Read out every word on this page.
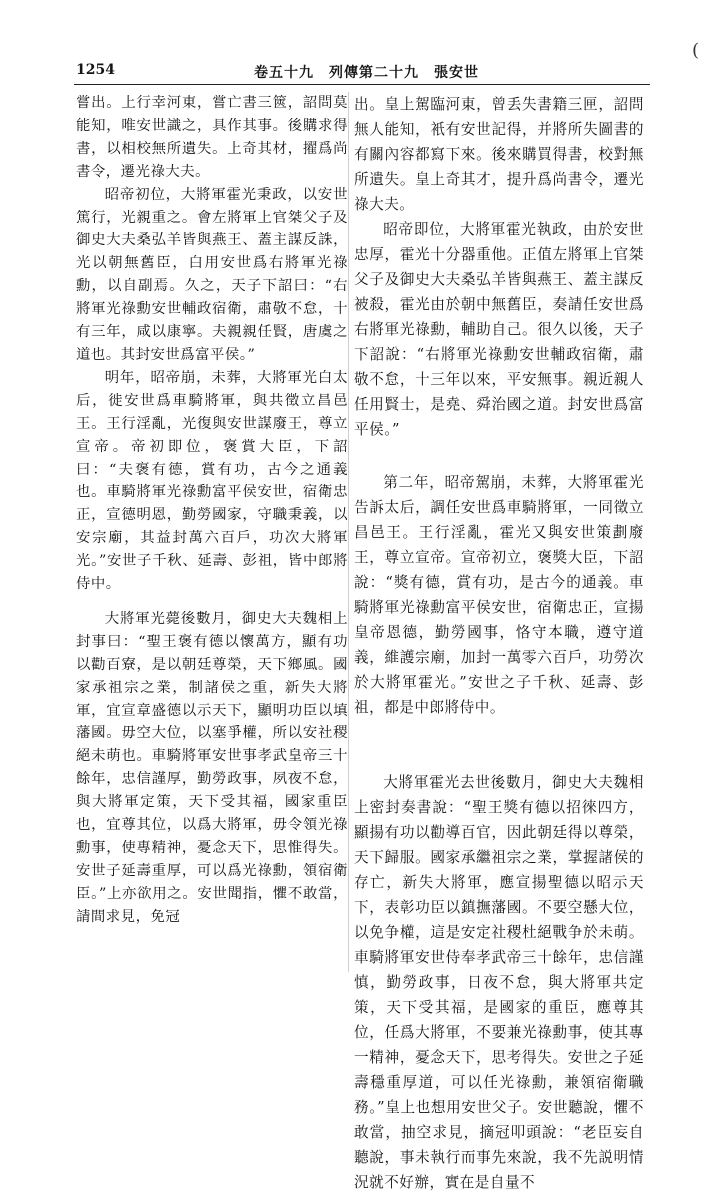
1254	卷五十九　列傳第二十九　張安世
(

嘗出。上行幸河東，嘗亡書三篋，詔問莫能知，唯安世識之，具作其事。後購求得書，以相校無所遺失。上奇其材，擢爲尚書令，遷光祿大夫。

昭帝初位，大將軍霍光秉政，以安世篤行，光親重之。會左將軍上官桀父子及御史大夫桑弘羊皆與燕王、蓋主謀反誅，光以朝無舊臣，白用安世爲右將軍光祿勳，以自副焉。久之，天子下詔曰：“右將軍光祿勳安世輔政宿衛，肅敬不怠，十有三年，咸以康寧。夫親親任賢，唐虞之道也。其封安世爲富平侯。”

明年，昭帝崩，未葬，大將軍光白太后，徙安世爲車騎將軍，與共徵立昌邑王。王行淫亂，光復與安世謀廢王，尊立宣帝。帝初即位，褒賞大臣，下詔曰：“夫褒有德，賞有功，古今之通義也。車騎將軍光祿勳富平侯安世，宿衛忠正，宣德明恩，勤勞國家，守職秉義，以安宗廟，其益封萬六百戶，功次大將軍光。”安世子千秋、延壽、彭祖，皆中郎將侍中。

大將軍光薨後數月，御史大夫魏相上封事曰：“聖王褒有德以懷萬方，顯有功以勸百寮，是以朝廷尊榮，天下鄉風。國家承祖宗之業，制諸侯之重，新失大將軍，宜宣章盛德以示天下，顯明功臣以填藩國。毋空大位，以塞爭權，所以安社稷絕未萌也。車騎將軍安世事孝武皇帝三十餘年，忠信謹厚，勤勞政事，夙夜不怠，與大將軍定策，天下受其福，國家重臣也，宜尊其位，以爲大將軍，毋令領光祿勳事，使專精神，憂念天下，思惟得失。安世子延壽重厚，可以爲光祿勳，領宿衛臣。”上亦欲用之。安世聞指，懼不敢當，請間求見，免冠

出。皇上駕臨河東，曾丢失書籍三匣，詔問無人能知，衹有安世記得，并將所失圖書的有關內容都寫下來。後來購買得書，校對無所遺失。皇上奇其才，提升爲尚書令，遷光祿大夫。

昭帝即位，大將軍霍光執政，由於安世忠厚，霍光十分器重他。正值左將軍上官桀父子及御史大夫桑弘羊皆與燕王、蓋主謀反被殺，霍光由於朝中無舊臣，奏請任安世爲右將軍光祿勳，輔助自己。很久以後，天子下詔說：“右將軍光祿勳安世輔政宿衛，肅敬不怠，十三年以來，平安無事。親近親人任用賢士，是堯、舜治國之道。封安世爲富平侯。”

第二年，昭帝駕崩，未葬，大將軍霍光告訴太后，調任安世爲車騎將軍，一同徵立昌邑王。王行淫亂，霍光又與安世策劃廢王，尊立宣帝。宣帝初立，褒獎大臣，下詔說：“獎有德，賞有功，是古今的通義。車騎將軍光祿勳富平侯安世，宿衛忠正，宣揚皇帝恩德，勤勞國事，恪守本職，遵守道義，維護宗廟，加封一萬零六百戶，功勞次於大將軍霍光。”安世之子千秋、延壽、彭祖，都是中郎將侍中。

大將軍霍光去世後數月，御史大夫魏相上密封奏書說：“聖王獎有德以招徠四方，顯揚有功以勸導百官，因此朝廷得以尊榮，天下歸服。國家承繼祖宗之業，掌握諸侯的存亡，新失大將軍，應宣揚聖德以昭示天下，表彰功臣以鎮撫藩國。不要空懸大位，以免争權，這是安定社稷杜絕戰争於未萌。車騎將軍安世侍奉孝武帝三十餘年，忠信謹慎，勤勞政事，日夜不怠，與大將軍共定策，天下受其福，是國家的重臣，應尊其位，任爲大將軍，不要兼光祿勳事，使其專一精神，憂念天下，思考得失。安世之子延壽穩重厚道，可以任光祿勳，兼領宿衛職務。”皇上也想用安世父子。安世聽說，懼不敢當，抽空求見，摘冠叩頭說：“老臣妄自聽說，事未執行而事先來說，我不先説明情況就不好辦，實在是自量不
